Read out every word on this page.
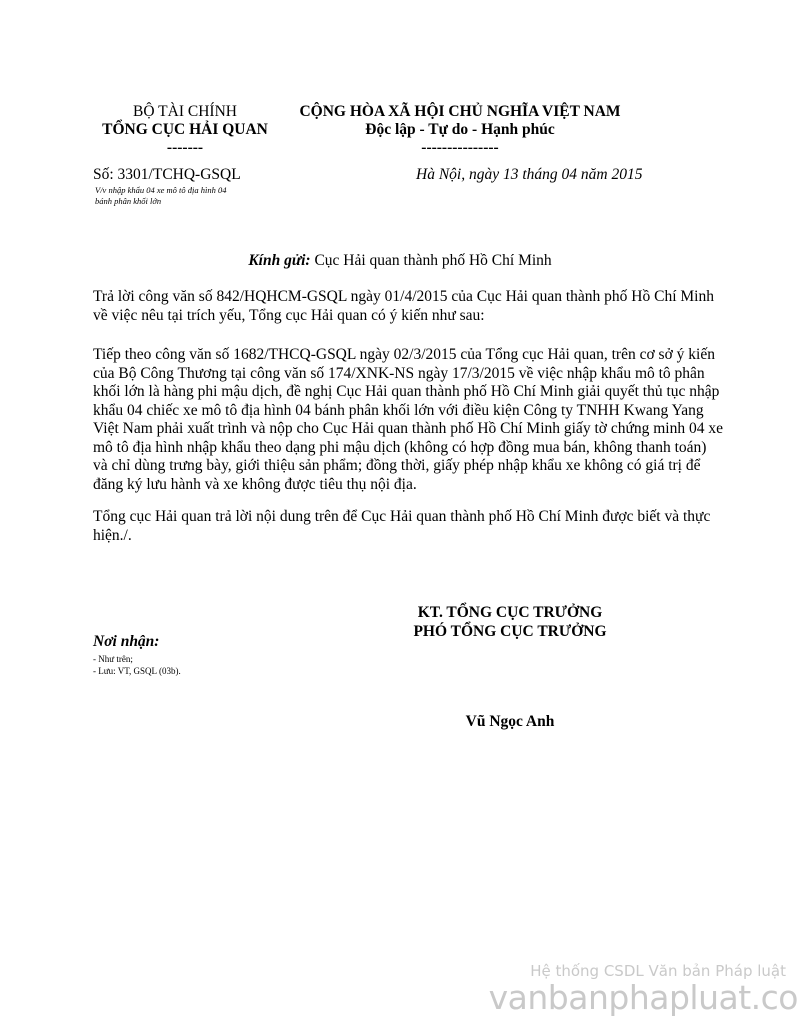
BỘ TÀI CHÍNH
TỔNG CỤC HẢI QUAN
-------
CỘNG HÒA XÃ HỘI CHỦ NGHĨA VIỆT NAM
Độc lập - Tự do - Hạnh phúc
---------------
Số: 3301/TCHQ-GSQL
V/v nhập khẩu 04 xe mô tô địa hình 04
bánh phân khối lớn
Hà Nội, ngày 13 tháng 04 năm 2015
Kính gửi: Cục Hải quan thành phố Hồ Chí Minh
Trả lời công văn số 842/HQHCM-GSQL ngày 01/4/2015 của Cục Hải quan thành phố Hồ Chí Minh về việc nêu tại trích yếu, Tổng cục Hải quan có ý kiến như sau:
Tiếp theo công văn số 1682/THCQ-GSQL ngày 02/3/2015 của Tổng cục Hải quan, trên cơ sở ý kiến của Bộ Công Thương tại công văn số 174/XNK-NS ngày 17/3/2015 về việc nhập khẩu mô tô phân khối lớn là hàng phi mậu dịch, đề nghị Cục Hải quan thành phố Hồ Chí Minh giải quyết thủ tục nhập khẩu 04 chiếc xe mô tô địa hình 04 bánh phân khối lớn với điều kiện Công ty TNHH Kwang Yang Việt Nam phải xuất trình và nộp cho Cục Hải quan thành phố Hồ Chí Minh giấy tờ chứng minh 04 xe mô tô địa hình nhập khẩu theo dạng phi mậu dịch (không có hợp đồng mua bán, không thanh toán) và chỉ dùng trưng bày, giới thiệu sản phẩm; đồng thời, giấy phép nhập khẩu xe không có giá trị để đăng ký lưu hành và xe không được tiêu thụ nội địa.
Tổng cục Hải quan trả lời nội dung trên để Cục Hải quan thành phố Hồ Chí Minh được biết và thực hiện./.
KT. TỔNG CỤC TRƯỞNG
PHÓ TỔNG CỤC TRƯỞNG
Vũ Ngọc Anh
Nơi nhận:
- Như trên;
- Lưu: VT, GSQL (03b).
Hệ thống CSDL Văn bản Pháp luật
vanbanphapluat.co
